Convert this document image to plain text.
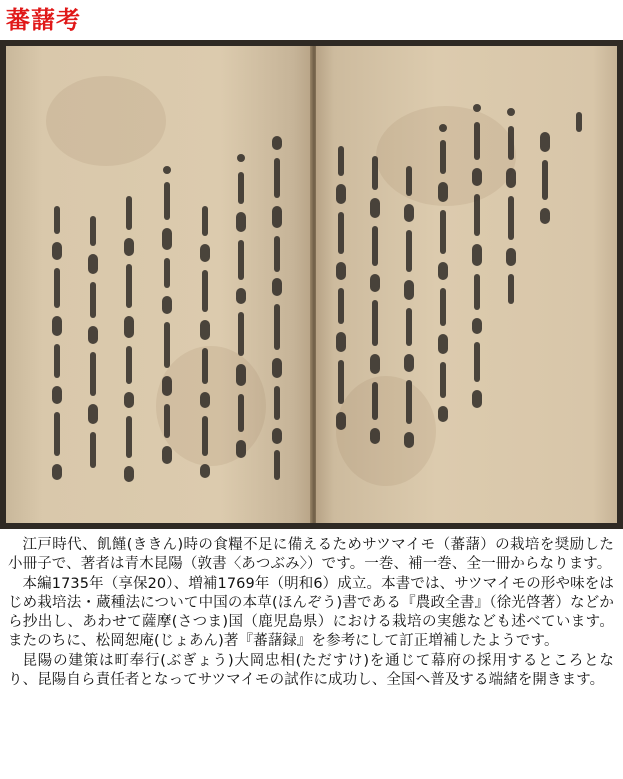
蕃藷考

江戸時代、飢饉(ききん)時の食糧不足に備えるためサツマイモ（蕃藷）の栽培を奨励した小冊子で、著者は青木昆陽（敦書〈あつぶみ〉）です。一巻、補一巻、全一冊からなります。

本編1735年（享保20）、増補1769年（明和6）成立。本書では、サツマイモの形や味をはじめ栽培法・蔵種法について中国の本草(ほんぞう)書である『農政全書』（徐光啓著）などから抄出し、あわせて薩摩(さつま)国（鹿児島県）における栽培の実態なども述べています。またのちに、松岡恕庵(じょあん)著『蕃藷録』を参考にして訂正増補したようです。

昆陽の建策は町奉行(ぶぎょう)大岡忠相(ただすけ)を通じて幕府の採用するところとなり、昆陽自ら責任者となってサツマイモの試作に成功し、全国へ普及する端緒を開きます。
